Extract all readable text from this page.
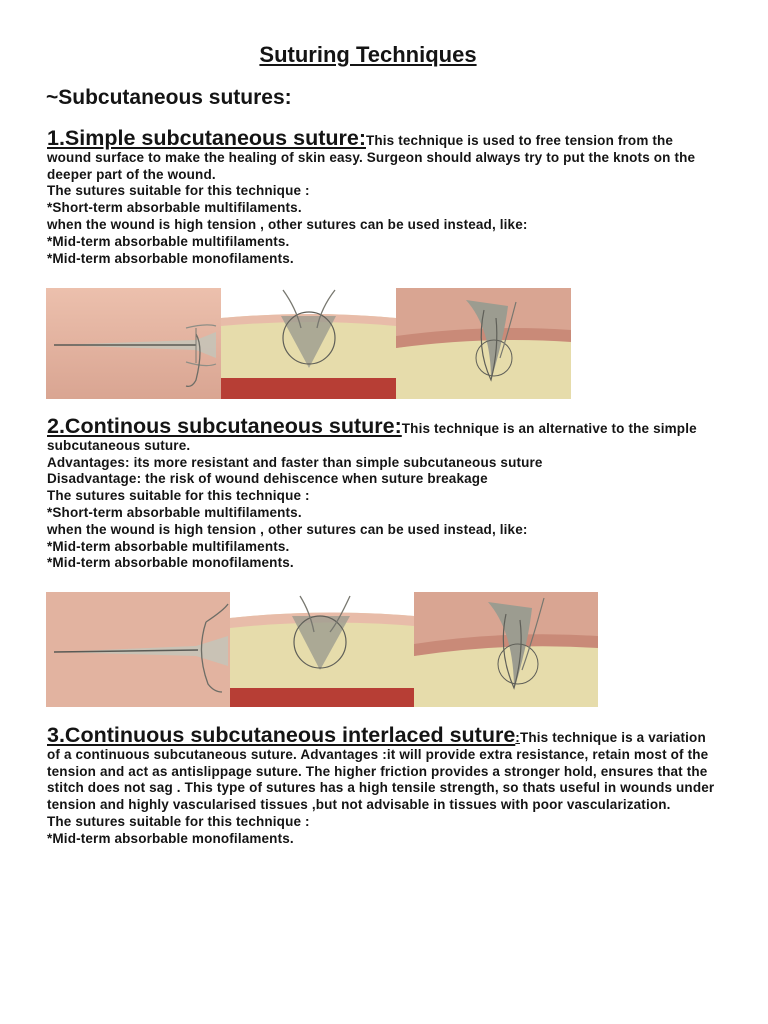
Suturing Techniques
~Subcutaneous sutures:

1.Simple subcutaneous suture:This technique is used to free tension from the wound surface to make the healing of skin easy. Surgeon should always try to put the knots on the deeper part of the wound.

The sutures suitable for this technique :

*Short-term absorbable multifilaments.

when the wound is high tension , other sutures can be used instead, like:

*Mid-term absorbable multifilaments.

*Mid-term absorbable monofilaments.

2.Continous subcutaneous suture:This technique is an alternative to the simple subcutaneous suture.

Advantages: its more resistant and faster than simple subcutaneous suture

Disadvantage: the risk of wound dehiscence when suture breakage

The sutures suitable for this technique :

*Short-term absorbable multifilaments.

when the wound is high tension , other sutures can be used instead, like:

*Mid-term absorbable multifilaments.

*Mid-term absorbable monofilaments.

3.Continuous subcutaneous interlaced suture:This technique is a variation of a continuous subcutaneous suture. Advantages :it will provide extra resistance, retain most of the tension and act as antislippage suture. The higher friction provides a stronger hold, ensures that the stitch does not sag . This type of sutures has a high tensile strength, so thats useful in wounds under tension and highly vascularised tissues ,but not advisable in tissues with poor vascularization.

The sutures suitable for this technique :

*Mid-term absorbable monofilaments.
